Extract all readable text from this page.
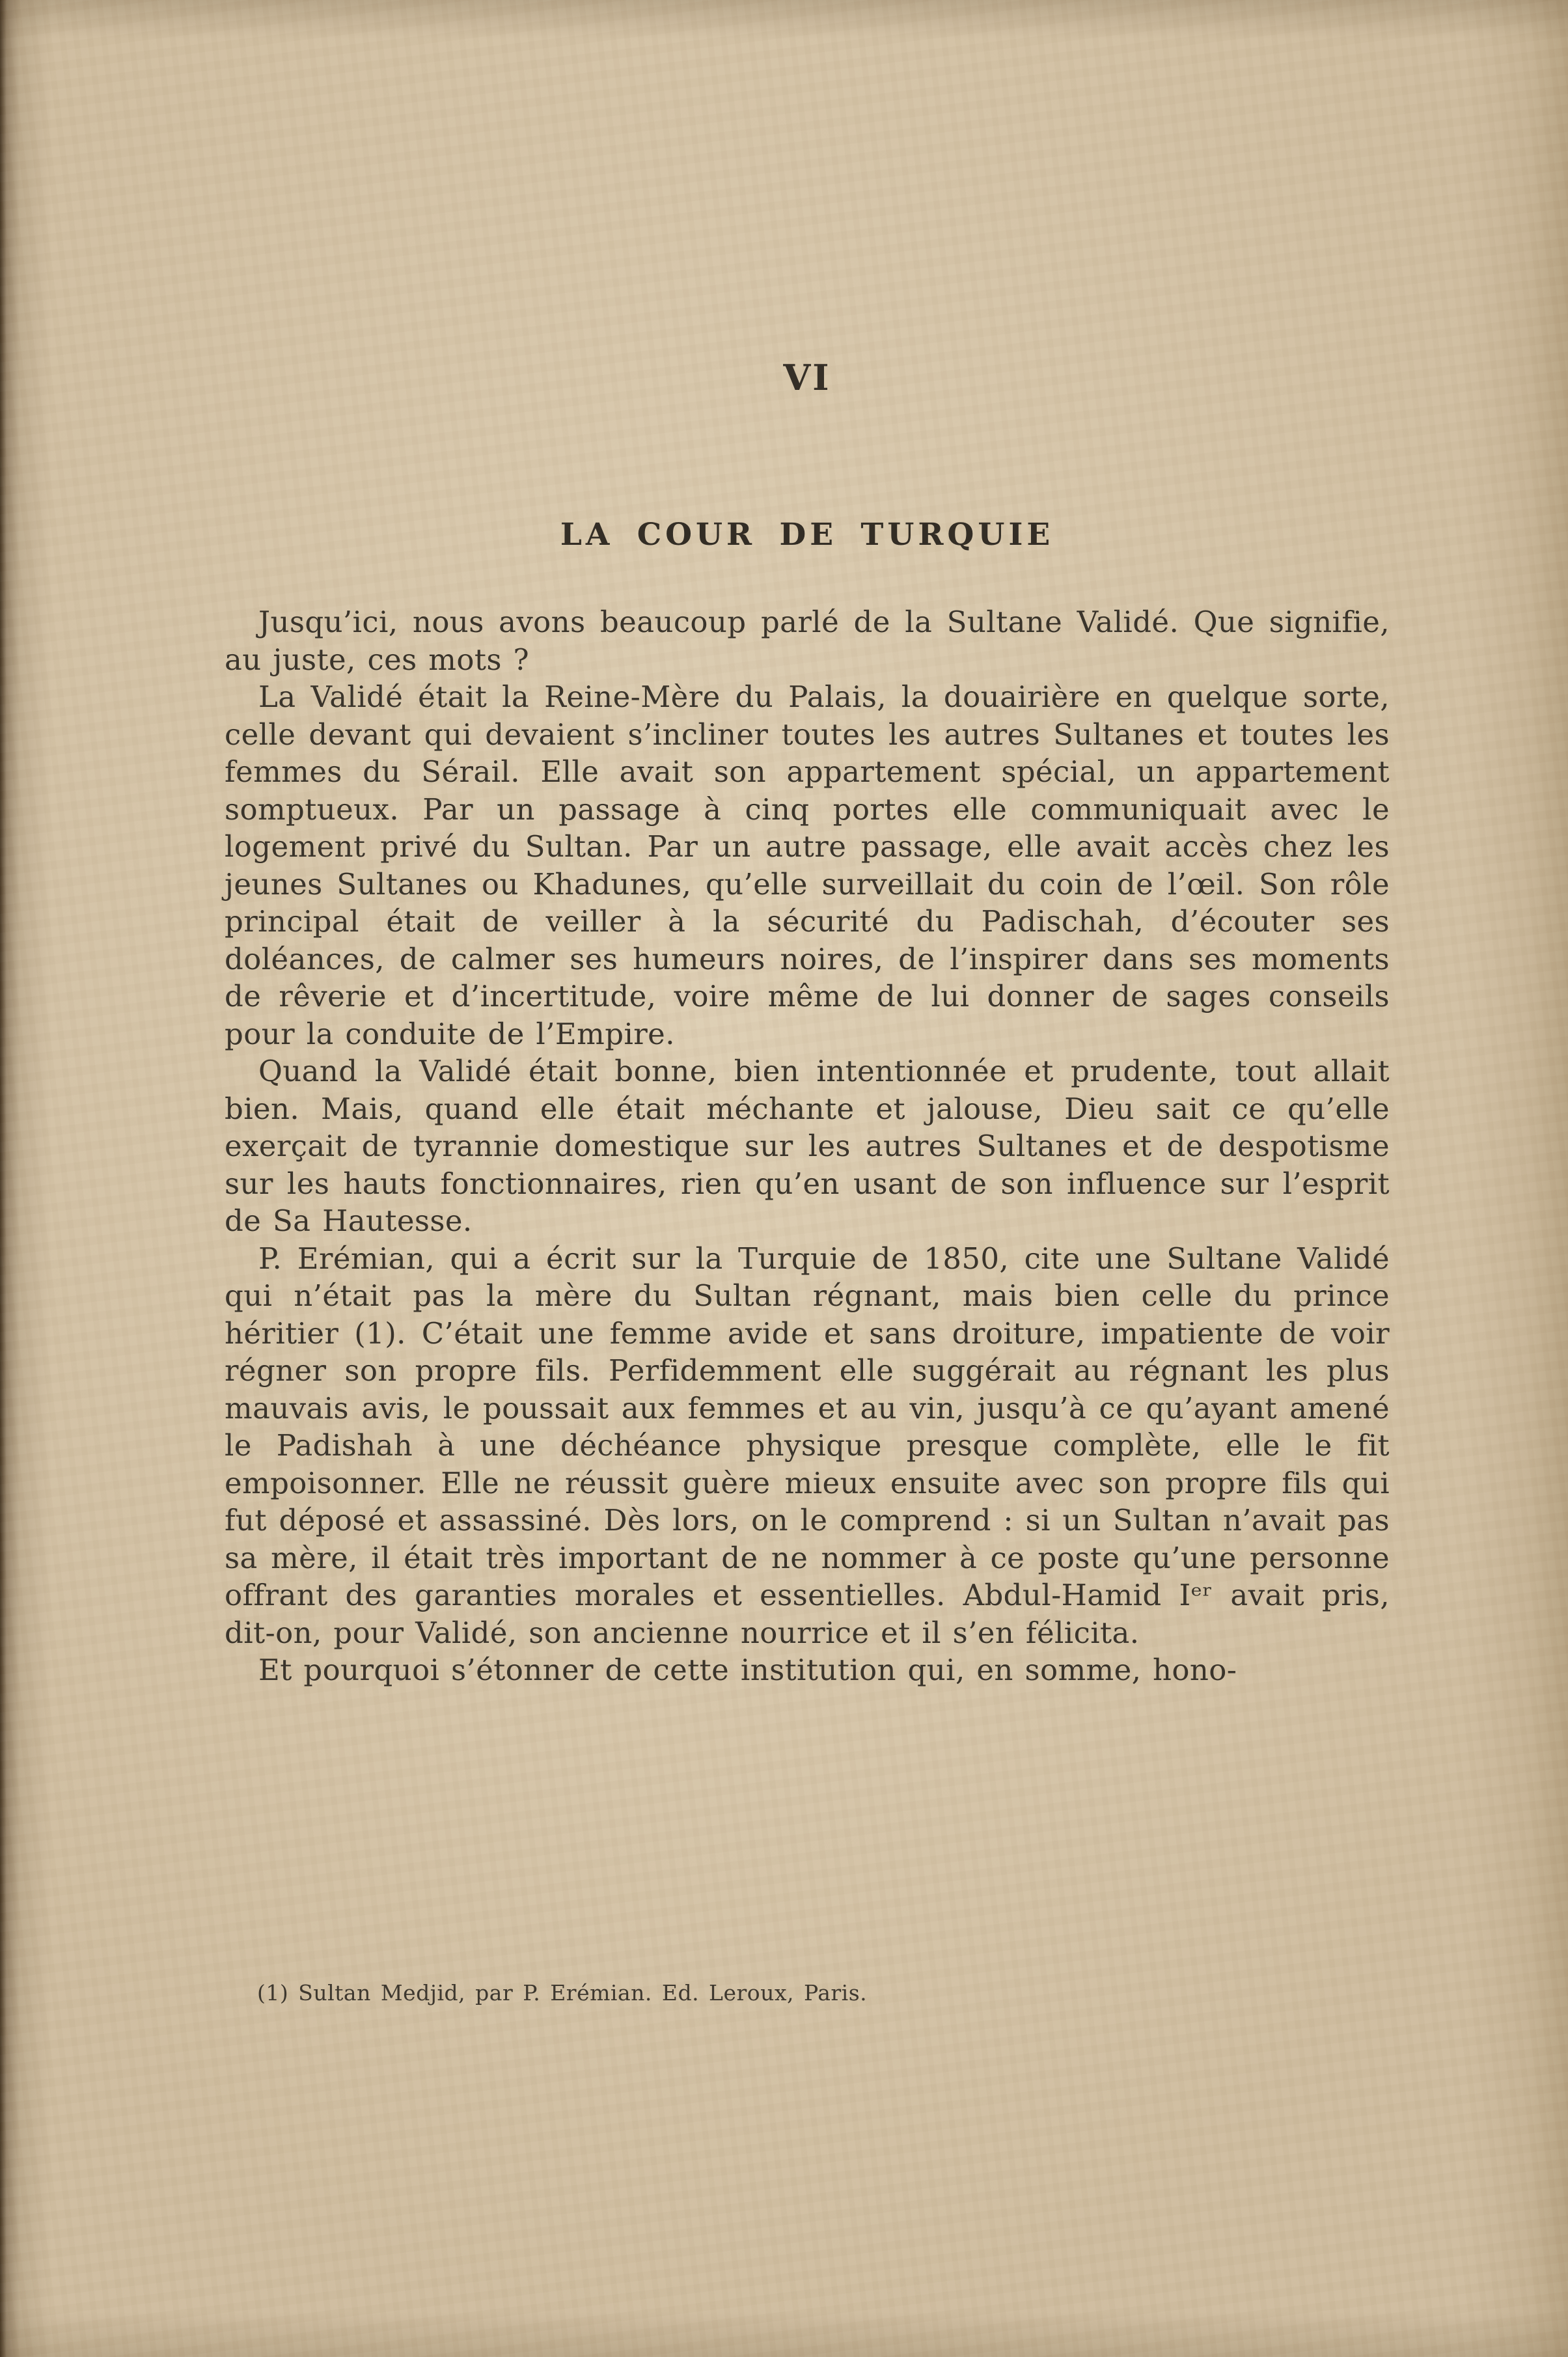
VI
LA COUR DE TURQUIE

Jusqu’ici, nous avons beaucoup parlé de la Sultane Validé. Que signifie, au juste, ces mots ?

La Validé était la Reine-Mère du Palais, la douairière en quelque sorte, celle devant qui devaient s’incliner toutes les autres Sultanes et toutes les femmes du Sérail. Elle avait son appartement spécial, un appartement somptueux. Par un passage à cinq portes elle communiquait avec le logement privé du Sultan. Par un autre passage, elle avait accès chez les jeunes Sultanes ou Khadunes, qu’elle surveillait du coin de l’œil. Son rôle principal était de veiller à la sécurité du Padischah, d’écouter ses doléances, de calmer ses humeurs noires, de l’inspirer dans ses moments de rêverie et d’incertitude, voire même de lui donner de sages conseils pour la conduite de l’Empire.

Quand la Validé était bonne, bien intentionnée et prudente, tout allait bien. Mais, quand elle était méchante et jalouse, Dieu sait ce qu’elle exerçait de tyrannie domestique sur les autres Sultanes et de despotisme sur les hauts fonctionnaires, rien qu’en usant de son influence sur l’esprit de Sa Hautesse.

P. Erémian, qui a écrit sur la Turquie de 1850, cite une Sultane Validé qui n’était pas la mère du Sultan régnant, mais bien celle du prince héritier (1). C’était une femme avide et sans droiture, impatiente de voir régner son propre fils. Perfidemment elle suggérait au régnant les plus mauvais avis, le poussait aux femmes et au vin, jusqu’à ce qu’ayant amené le Padishah à une déchéance physique presque complète, elle le fit empoisonner. Elle ne réussit guère mieux ensuite avec son propre fils qui fut déposé et assassiné. Dès lors, on le comprend : si un Sultan n’avait pas sa mère, il était très important de ne nommer à ce poste qu’une personne offrant des garanties morales et essentielles. Abdul-Hamid Iᵉʳ avait pris, dit-on, pour Validé, son ancienne nourrice et il s’en félicita.

Et pourquoi s’étonner de cette institution qui, en somme, hono-

(1) Sultan Medjid, par P. Erémian. Ed. Leroux, Paris.
